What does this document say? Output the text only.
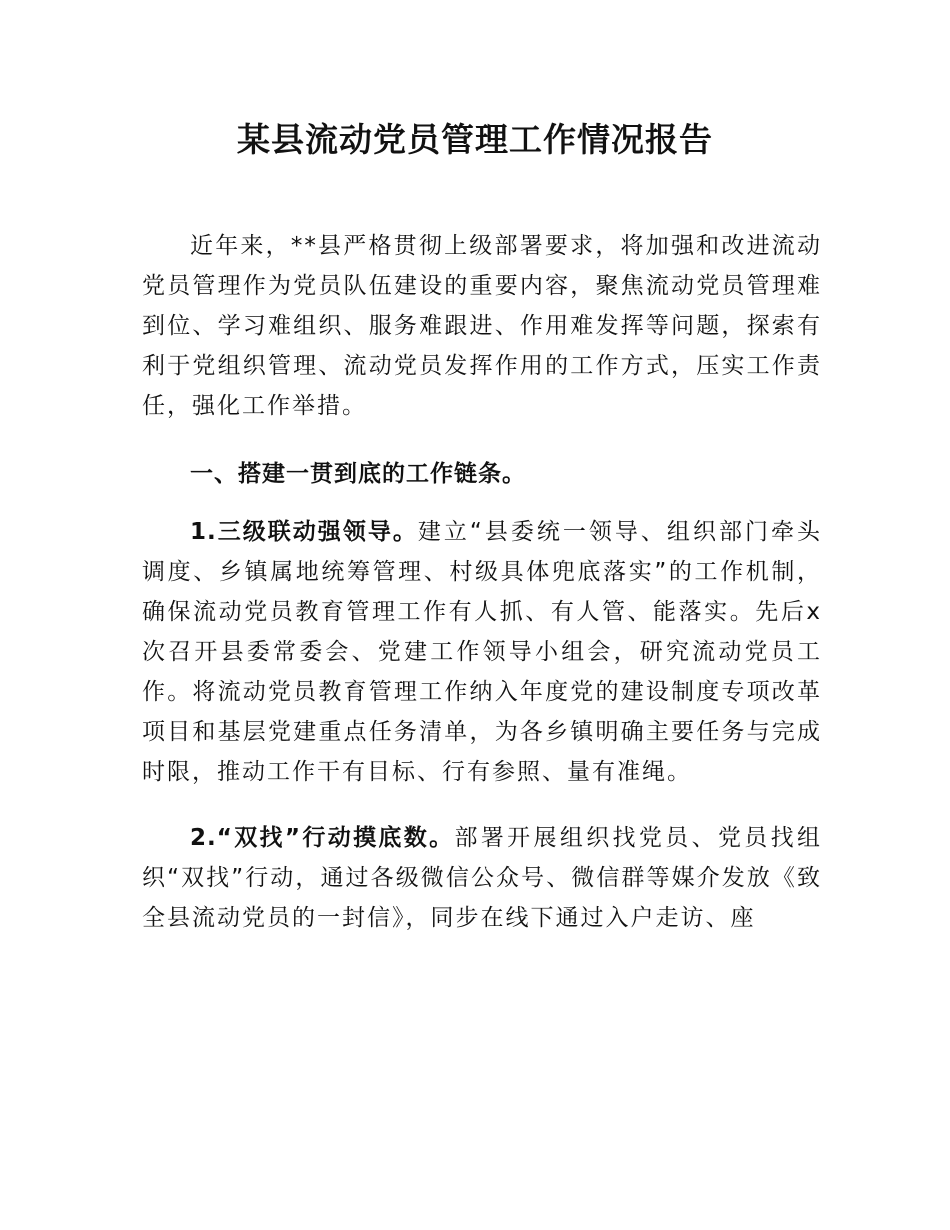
某县流动党员管理工作情况报告

近年来，**县严格贯彻上级部署要求，将加强和改进流动党员管理作为党员队伍建设的重要内容，聚焦流动党员管理难到位、学习难组织、服务难跟进、作用难发挥等问题，探索有利于党组织管理、流动党员发挥作用的工作方式，压实工作责任，强化工作举措。

一、搭建一贯到底的工作链条。

1.三级联动强领导。建立“县委统一领导、组织部门牵头调度、乡镇属地统筹管理、村级具体兜底落实”的工作机制，确保流动党员教育管理工作有人抓、有人管、能落实。先后x次召开县委常委会、党建工作领导小组会，研究流动党员工作。将流动党员教育管理工作纳入年度党的建设制度专项改革项目和基层党建重点任务清单，为各乡镇明确主要任务与完成时限，推动工作干有目标、行有参照、量有准绳。

2.“双找”行动摸底数。部署开展组织找党员、党员找组织“双找”行动，通过各级微信公众号、微信群等媒介发放《致全县流动党员的一封信》，同步在线下通过入户走访、座
